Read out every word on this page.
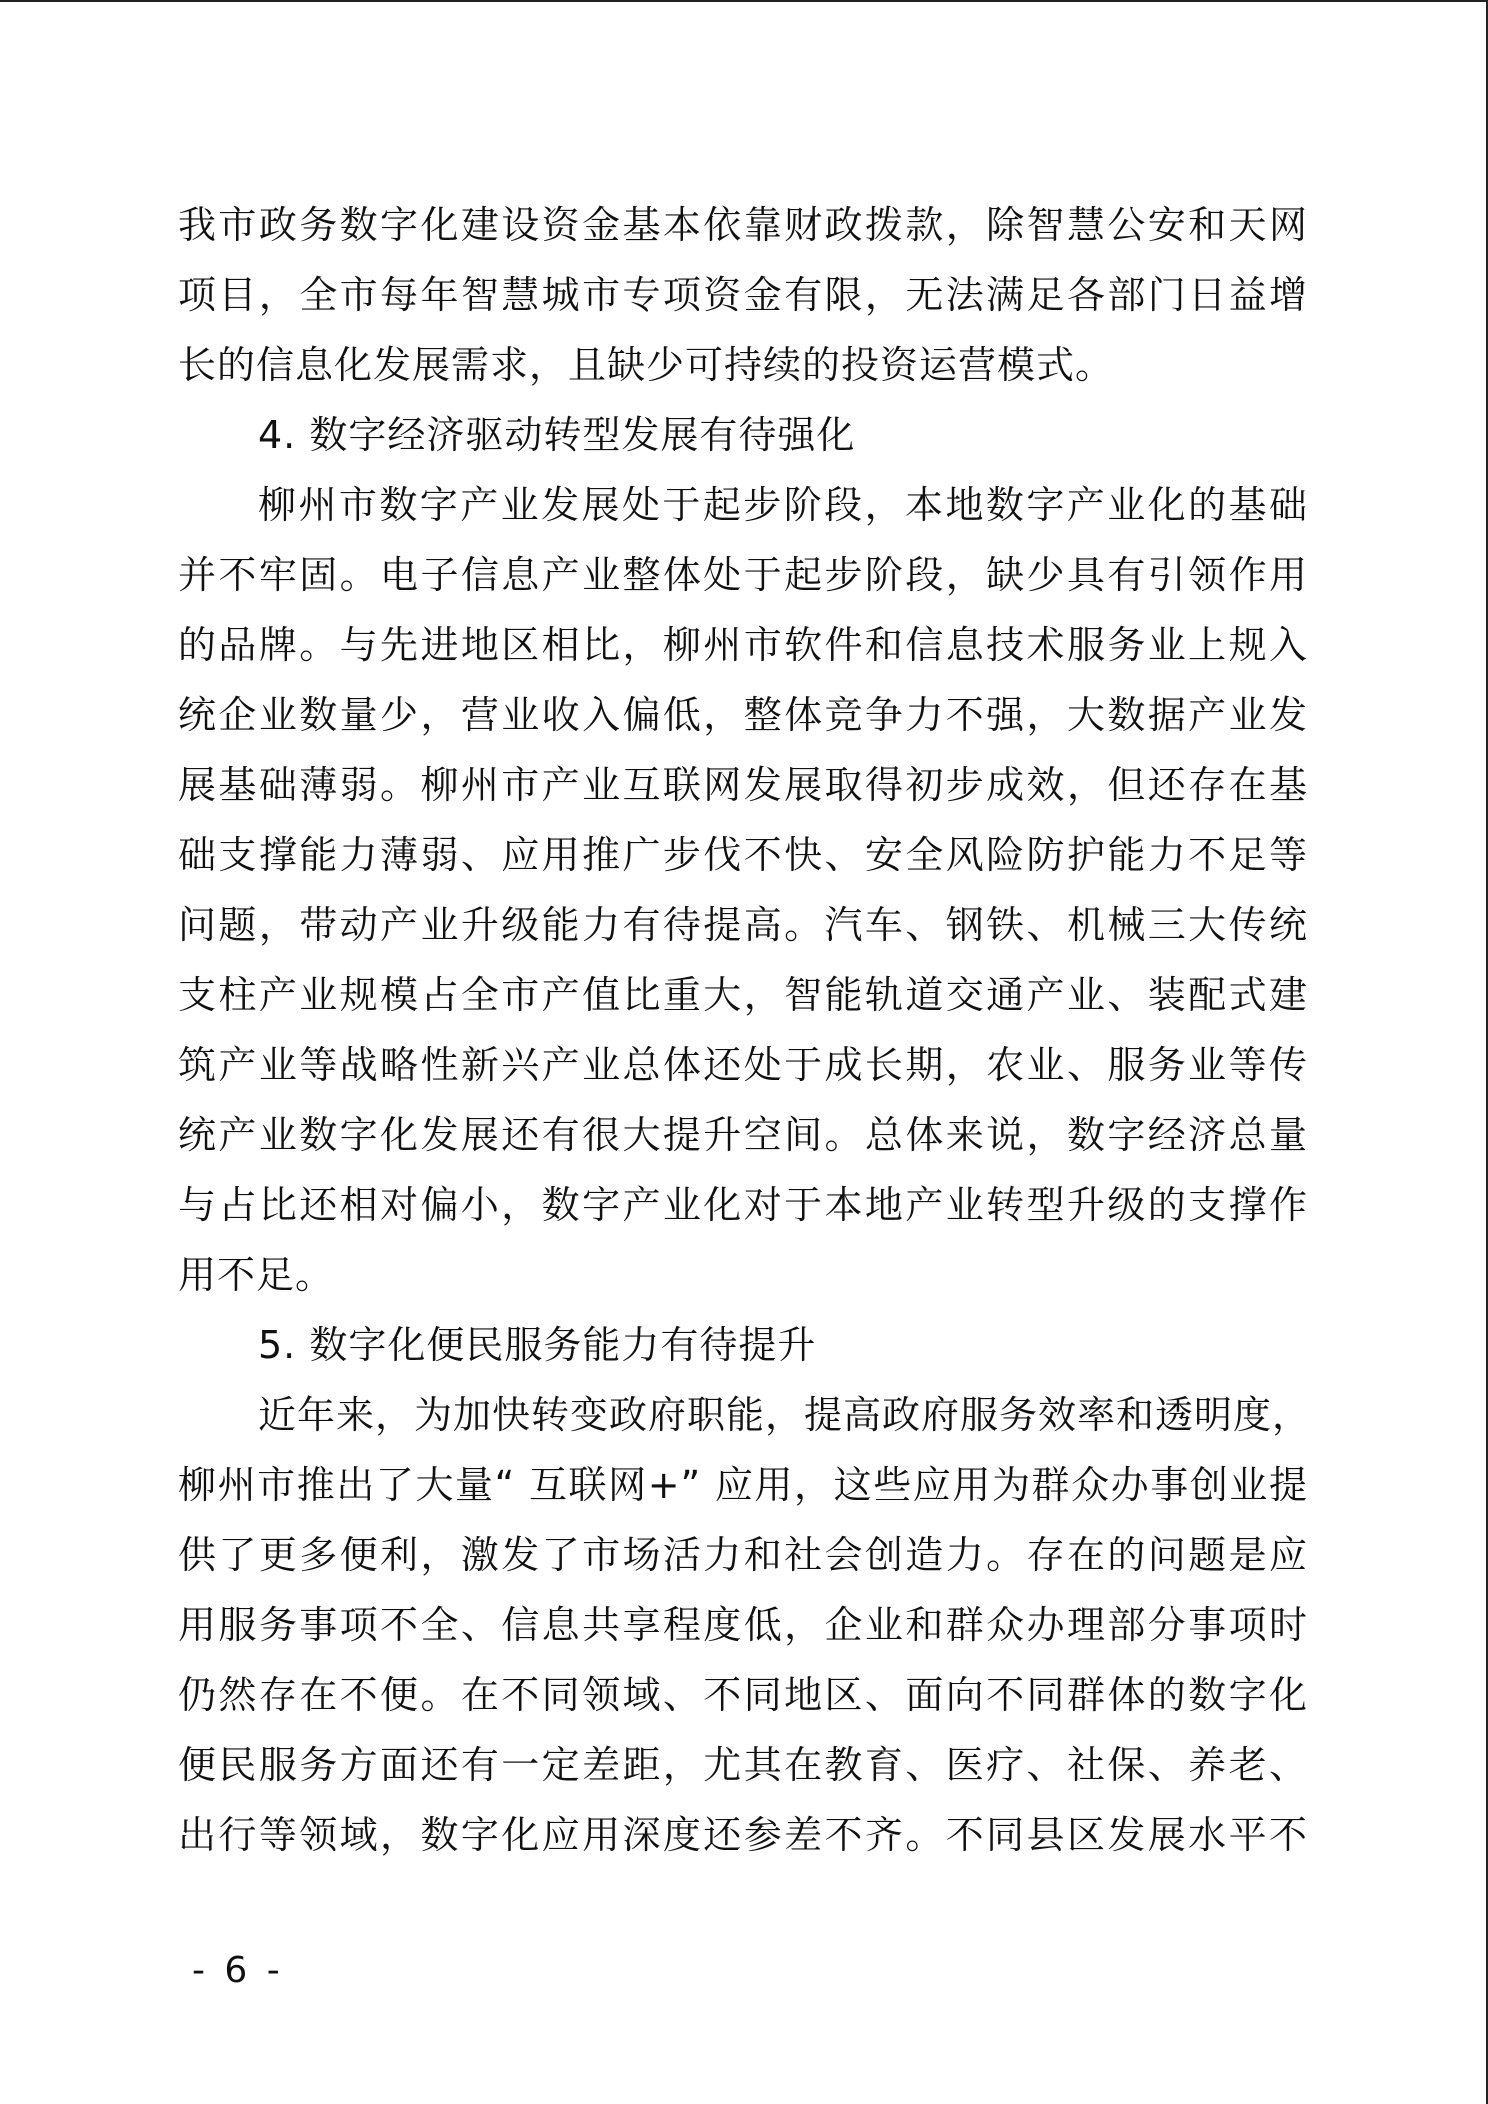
我市政务数字化建设资金基本依靠财政拨款，除智慧公安和天网
项目，全市每年智慧城市专项资金有限，无法满足各部门日益增
长的信息化发展需求，且缺少可持续的投资运营模式。
4. 数字经济驱动转型发展有待强化
柳州市数字产业发展处于起步阶段，本地数字产业化的基础
并不牢固。电子信息产业整体处于起步阶段，缺少具有引领作用
的品牌。与先进地区相比，柳州市软件和信息技术服务业上规入
统企业数量少，营业收入偏低，整体竞争力不强，大数据产业发
展基础薄弱。柳州市产业互联网发展取得初步成效，但还存在基
础支撑能力薄弱、应用推广步伐不快、安全风险防护能力不足等
问题，带动产业升级能力有待提高。汽车、钢铁、机械三大传统
支柱产业规模占全市产值比重大，智能轨道交通产业、装配式建
筑产业等战略性新兴产业总体还处于成长期，农业、服务业等传
统产业数字化发展还有很大提升空间。总体来说，数字经济总量
与占比还相对偏小，数字产业化对于本地产业转型升级的支撑作
用不足。
5. 数字化便民服务能力有待提升
近年来，为加快转变政府职能，提高政府服务效率和透明度，
柳州市推出了大量“ 互联网+” 应用，这些应用为群众办事创业提
供了更多便利，激发了市场活力和社会创造力。存在的问题是应
用服务事项不全、信息共享程度低，企业和群众办理部分事项时
仍然存在不便。在不同领域、不同地区、面向不同群体的数字化
便民服务方面还有一定差距，尤其在教育、医疗、社保、养老、
出行等领域，数字化应用深度还参差不齐。不同县区发展水平不
- 6 -
